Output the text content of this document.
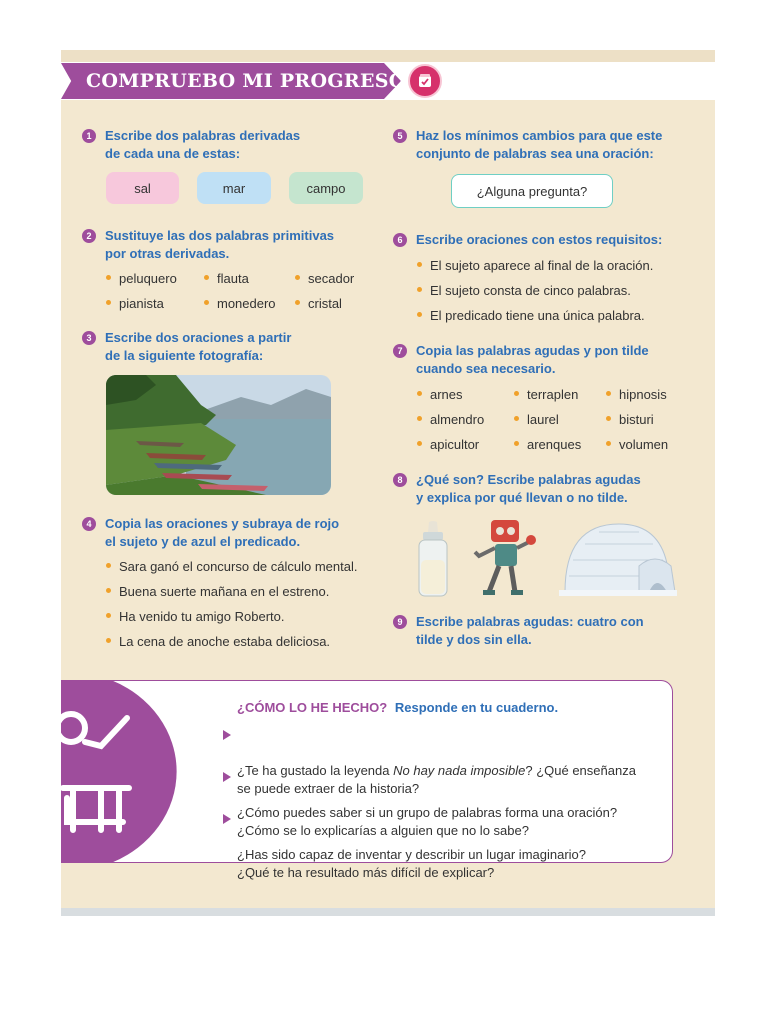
COMPRUEBO MI PROGRESO
1	Escribe dos palabras derivadas
de cada una de estas:
sal	mar	campo
2	Sustituye las dos palabras primitivas
por otras derivadas.
peluquero	flauta	secador
pianista	monedero	cristal
3	Escribe dos oraciones a partir
de la siguiente fotografía:
4	Copia las oraciones y subraya de rojo
el sujeto y de azul el predicado.
Sara ganó el concurso de cálculo mental.
Buena suerte mañana en el estreno.
Ha venido tu amigo Roberto.
La cena de anoche estaba deliciosa.
5	Haz los mínimos cambios para que este
conjunto de palabras sea una oración:
¿Alguna pregunta?
6	Escribe oraciones con estos requisitos:
El sujeto aparece al final de la oración.
El sujeto consta de cinco palabras.
El predicado tiene una única palabra.
7	Copia las palabras agudas y pon tilde
cuando sea necesario.
arnes	terraplen	hipnosis
almendro	laurel	bisturi
apicultor	arenques	volumen
8	¿Qué son? Escribe palabras agudas
y explica por qué llevan o no tilde.
9	Escribe palabras agudas: cuatro con
tilde y dos sin ella.
¿CÓMO LO HE HECHO? Responde en tu cuaderno.

¿Te ha gustado la leyenda No hay nada imposible? ¿Qué enseñanza
se puede extraer de la historia?

¿Cómo puedes saber si un grupo de palabras forma una oración?
¿Cómo se lo explicarías a alguien que no lo sabe?

¿Has sido capaz de inventar y describir un lugar imaginario?
¿Qué te ha resultado más difícil de explicar?
